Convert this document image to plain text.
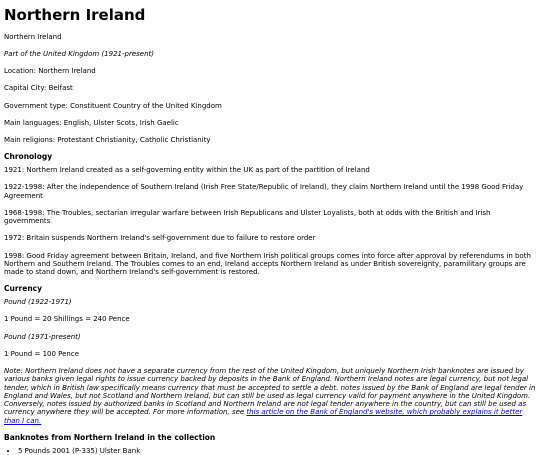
Northern Ireland

Northern Ireland

Part of the United Kingdom (1921-present)

Location: Northern Ireland

Capital City: Belfast

Government type: Constituent Country of the United Kingdom

Main languages: English, Ulster Scots, Irish Gaelic

Main religions: Protestant Christianity, Catholic Christianity

Chronology

1921: Northern Ireland created as a self-governing entity within the UK as part of the partition of Ireland

1922-1998: After the independence of Southern Ireland (Irish Free State/Republic of Ireland), they claim Northern Ireland until the 1998 Good Friday Agreement

1968-1998: The Troubles, sectarian irregular warfare between Irish Republicans and Ulster Loyalists, both at odds with the British and Irish governments

1972: Britain suspends Northern Ireland's self-government due to failure to restore order

1998: Good Friday agreement between Britain, Ireland, and five Northern Irish political groups comes into force after approval by referendums in both Northern and Southern Ireland. The Troubles comes to an end, Ireland accepts Northern Ireland as under British sovereignty, paramilitary groups are made to stand down, and Northern Ireland's self-government is restored.

Currency

Pound (1922-1971)

1 Pound = 20 Shillings = 240 Pence

Pound (1971-present)

1 Pound = 100 Pence

Note: Northern Ireland does not have a separate currency from the rest of the United Kingdom, but uniquely Northern Irish banknotes are issued by various banks given legal rights to issue currency backed by deposits in the Bank of England. Northern Ireland notes are legal currency, but not legal tender, which in British law specifically means currency that must be accepted to settle a debt. notes issued by the Bank of England are legal tender in England and Wales, but not Scotland and Northern Ireland, but can still be used as legal currency valid for payment anywhere in the United Kingdom. Conversely, notes issued by authorized banks in Scotland and Northern Ireland are not legal tender anywhere in the country, but can still be used as currency anywhere they will be accepted. For more information, see this article on the Bank of England's website, which probably explains it better than I can.

Banknotes from Northern Ireland in the collection
• 5 Pounds 2001 (P-335) Ulster Bank
